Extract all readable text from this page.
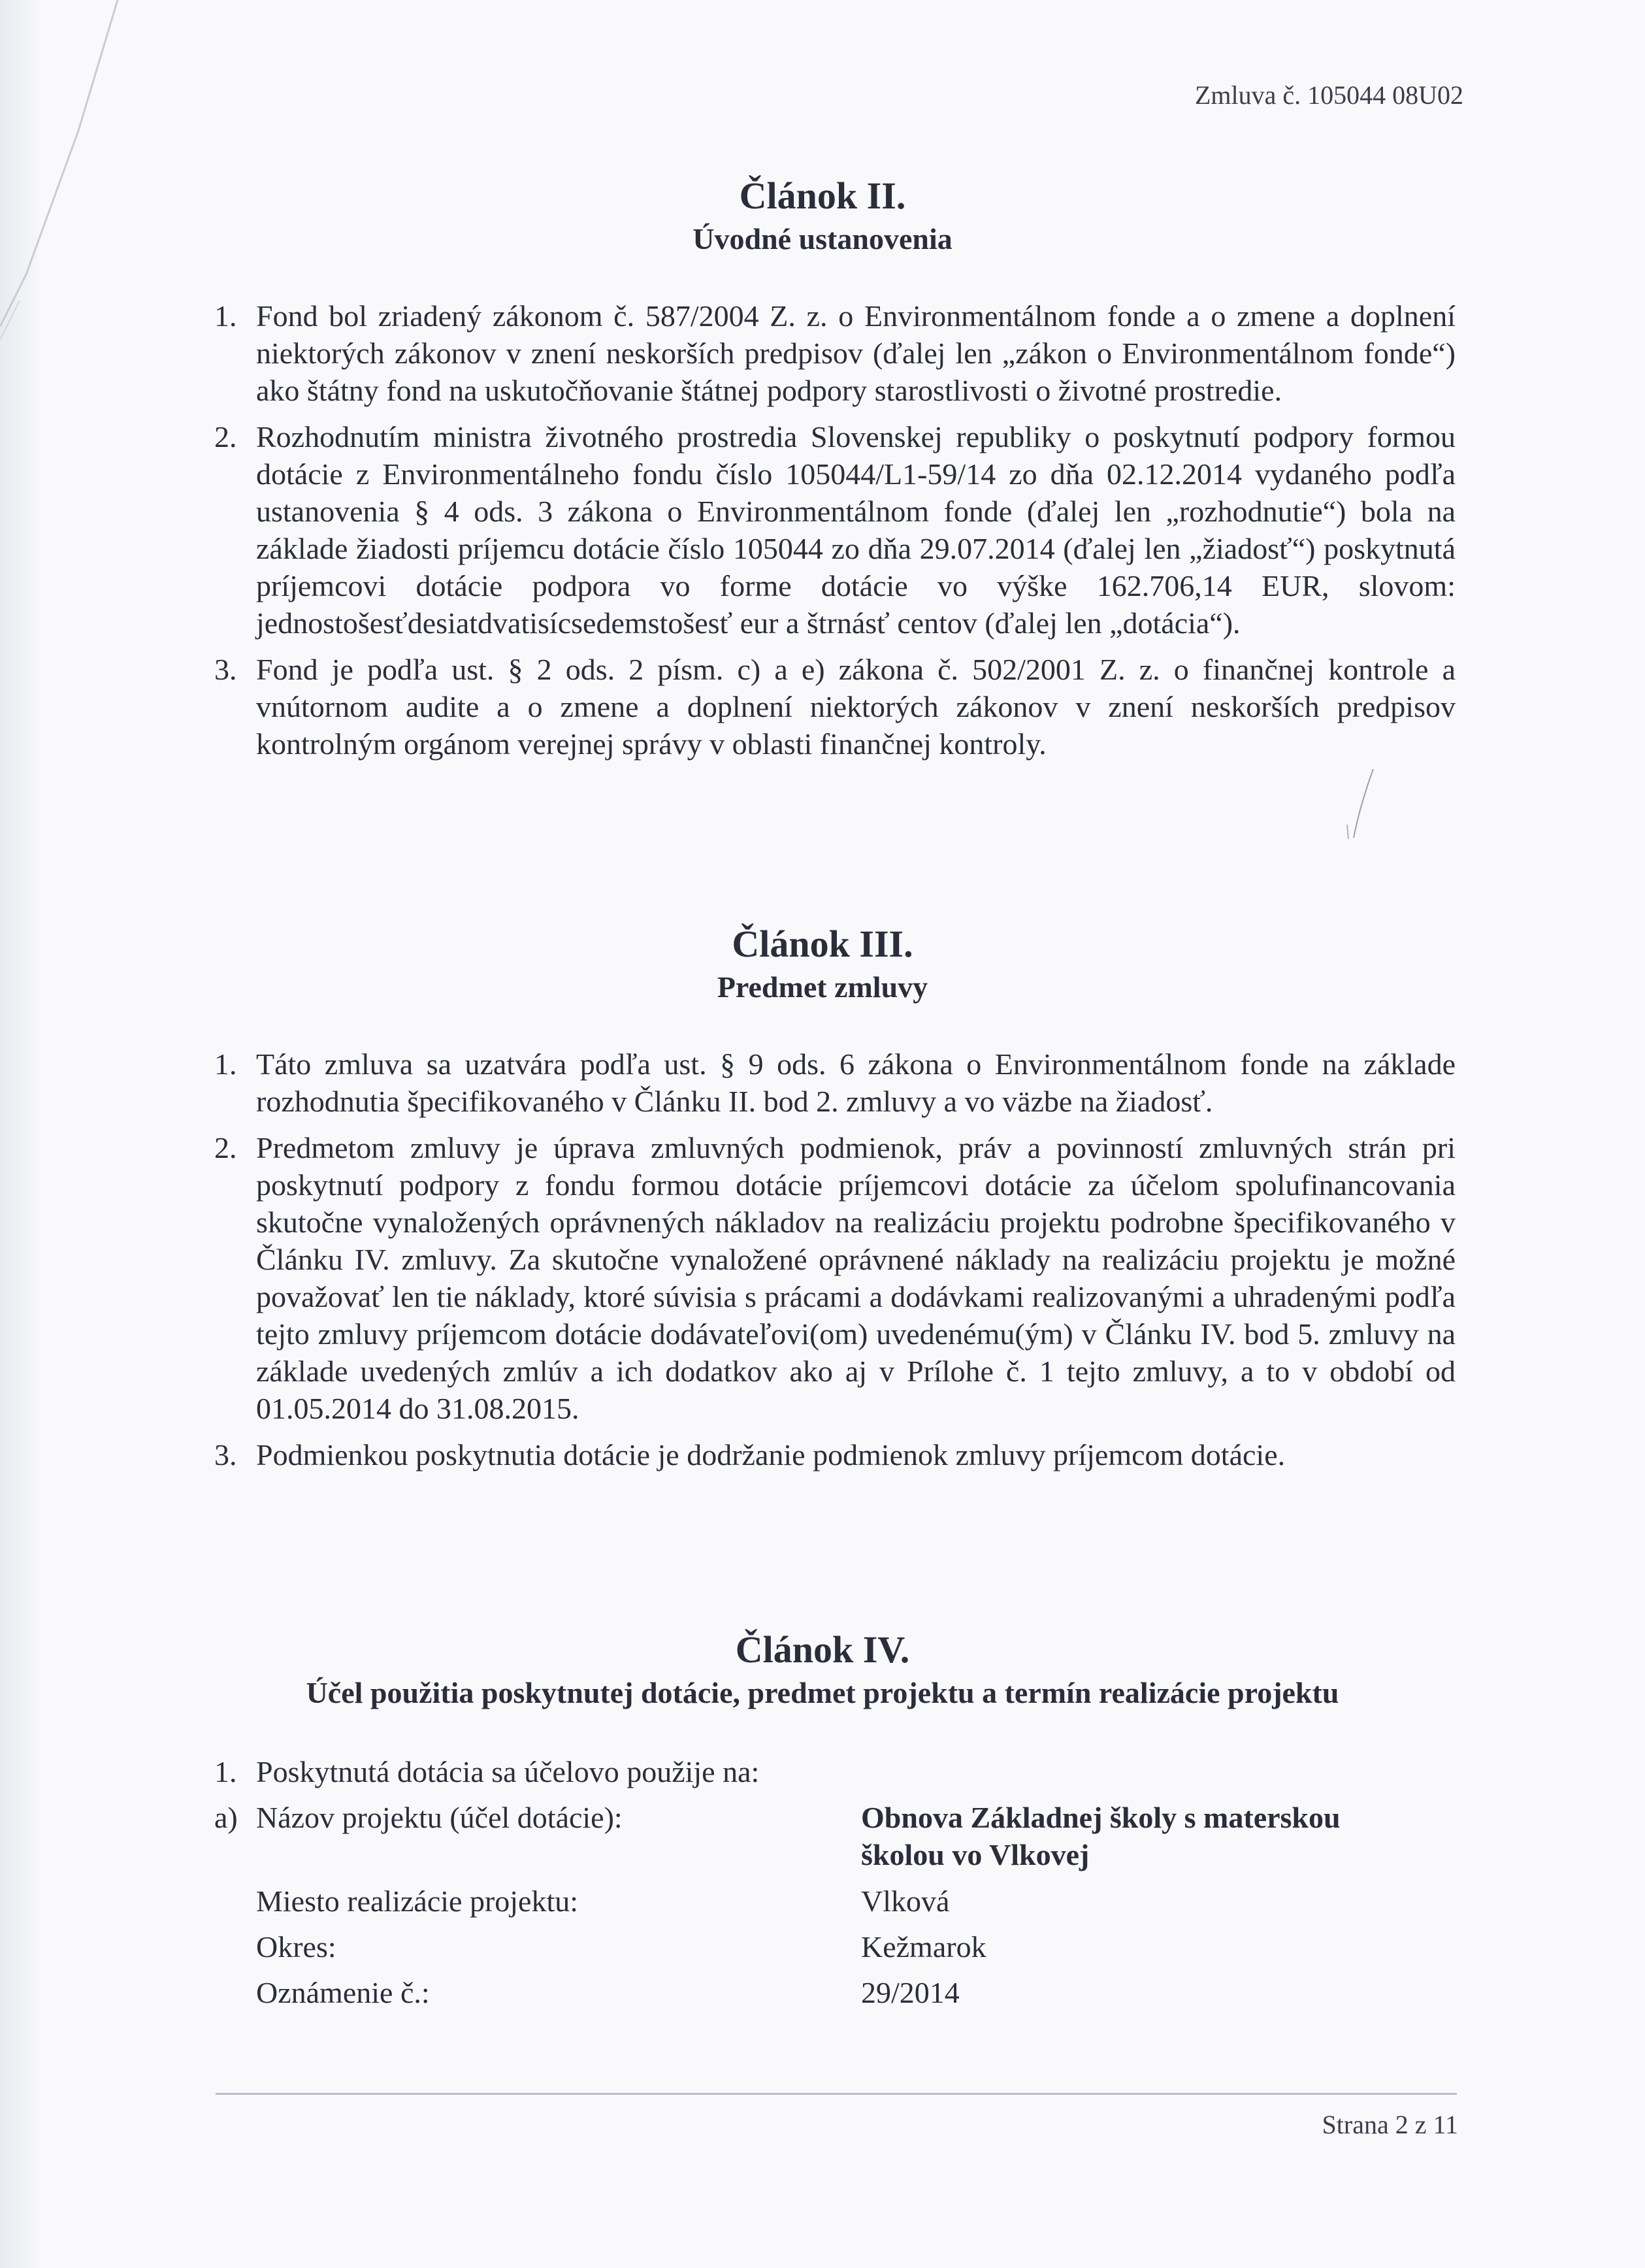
Zmluva č. 105044 08U02
Článok II.
Úvodné ustanovenia
1. Fond bol zriadený zákonom č. 587/2004 Z. z. o Environmentálnom fonde a o zmene a doplnení niektorých zákonov v znení neskorších predpisov (ďalej len „zákon o Environmentálnom fonde“) ako štátny fond na uskutočňovanie štátnej podpory starostlivosti o životné prostredie.
2. Rozhodnutím ministra životného prostredia Slovenskej republiky o poskytnutí podpory formou dotácie z Environmentálneho fondu číslo 105044/L1-59/14 zo dňa 02.12.2014 vydaného podľa ustanovenia § 4 ods. 3 zákona o Environmentálnom fonde (ďalej len „rozhodnutie“) bola na základe žiadosti príjemcu dotácie číslo 105044 zo dňa 29.07.2014 (ďalej len „žiadosť“) poskytnutá príjemcovi dotácie podpora vo forme dotácie vo výške 162.706,14 EUR, slovom: jednostošesťdesiatdvatisícsedemstošesť eur a štrnásť centov (ďalej len „dotácia“).
3. Fond je podľa ust. § 2 ods. 2 písm. c) a e) zákona č. 502/2001 Z. z. o finančnej kontrole a vnútornom audite a o zmene a doplnení niektorých zákonov v znení neskorších predpisov kontrolným orgánom verejnej správy v oblasti finančnej kontroly.
Článok III.
Predmet zmluvy
1. Táto zmluva sa uzatvára podľa ust. § 9 ods. 6 zákona o Environmentálnom fonde na základe rozhodnutia špecifikovaného v Článku II. bod 2. zmluvy a vo väzbe na žiadosť.
2. Predmetom zmluvy je úprava zmluvných podmienok, práv a povinností zmluvných strán pri poskytnutí podpory z fondu formou dotácie príjemcovi dotácie za účelom spolufinancovania skutočne vynaložených oprávnených nákladov na realizáciu projektu podrobne špecifikovaného v Článku IV. zmluvy. Za skutočne vynaložené oprávnené náklady na realizáciu projektu je možné považovať len tie náklady, ktoré súvisia s prácami a dodávkami realizovanými a uhradenými podľa tejto zmluvy príjemcom dotácie dodávateľovi(om) uvedenému(ým) v Článku IV. bod 5. zmluvy na základe uvedených zmlúv a ich dodatkov ako aj v Prílohe č. 1 tejto zmluvy, a to v období od 01.05.2014 do 31.08.2015.
3. Podmienkou poskytnutia dotácie je dodržanie podmienok zmluvy príjemcom dotácie.
Článok IV.
Účel použitia poskytnutej dotácie, predmet projektu a termín realizácie projektu
1. Poskytnutá dotácia sa účelovo použije na:
a) Názov projektu (účel dotácie):	Obnova Základnej školy s materskou
školou vo Vlkovej
Miesto realizácie projektu:	Vlková
Okres:	Kežmarok
Oznámenie č.:	29/2014
Strana 2 z 11
